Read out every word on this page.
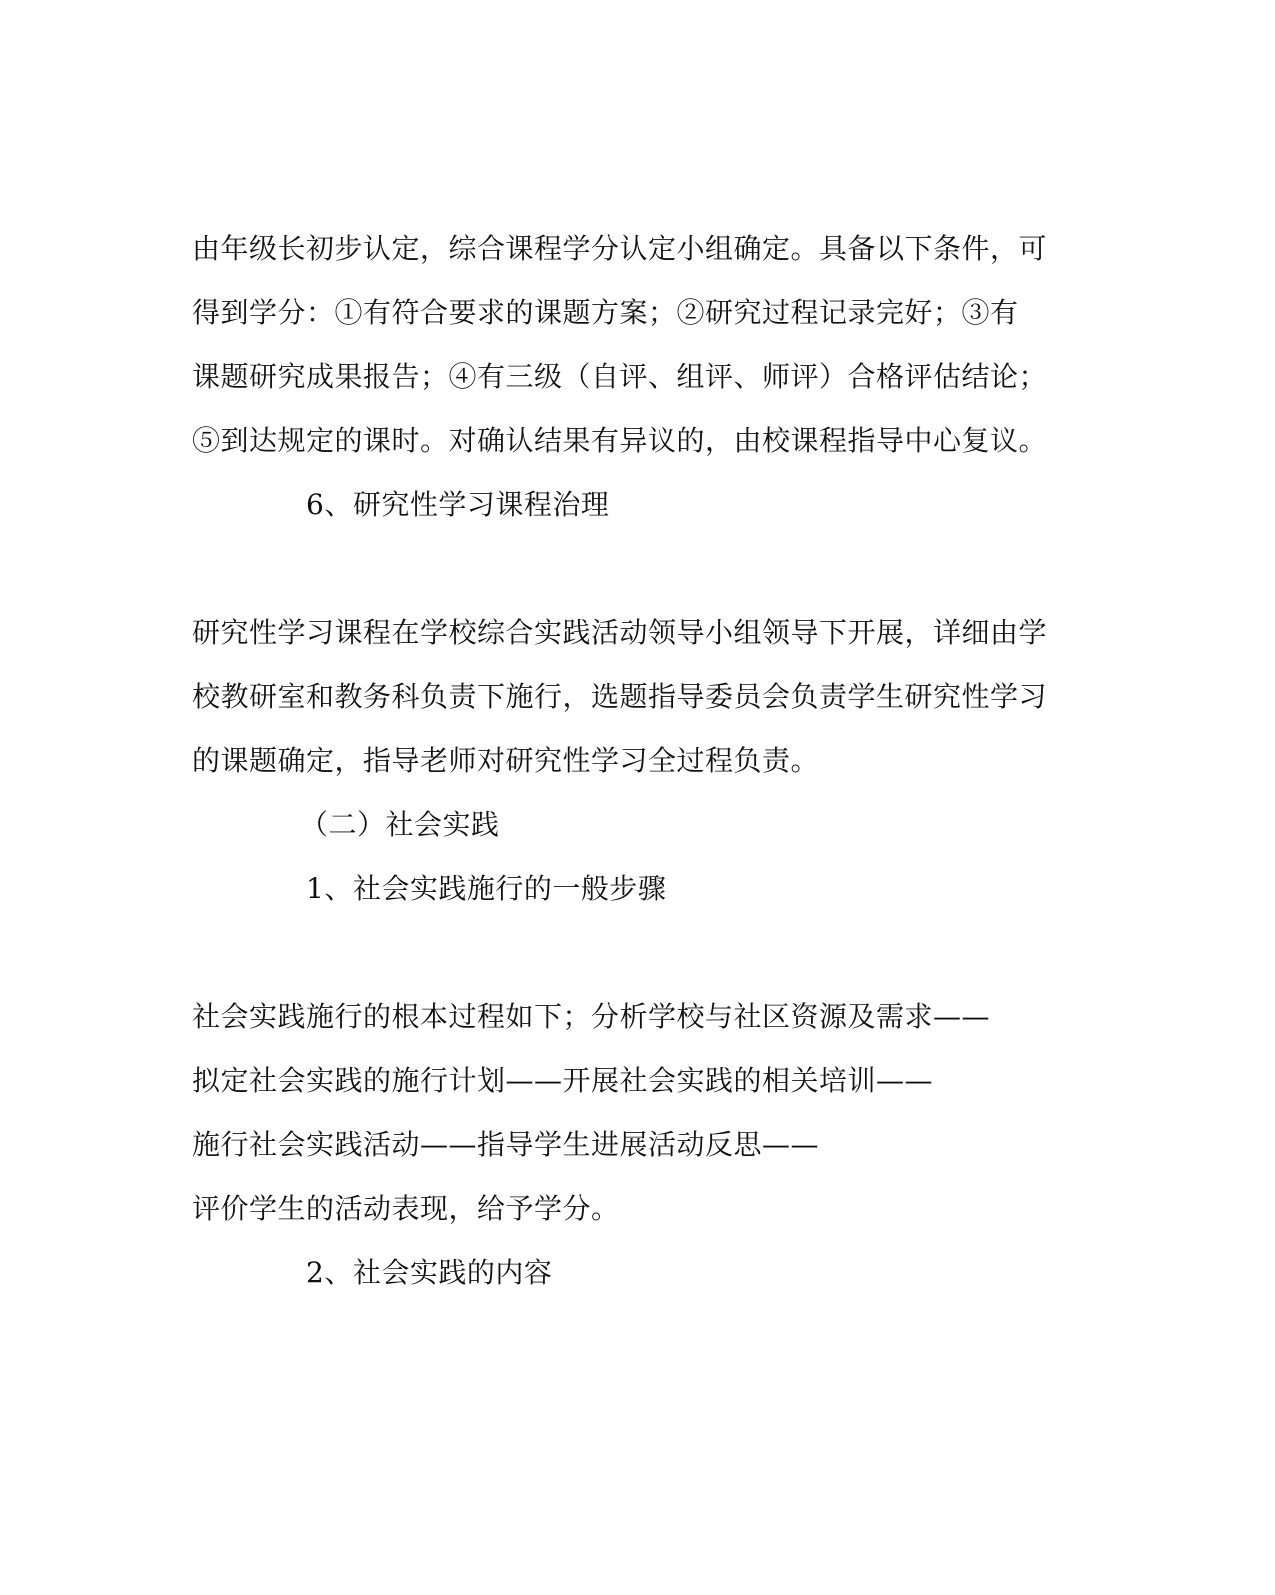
由年级长初步认定，综合课程学分认定小组确定。具备以下条件，可
得到学分：①有符合要求的课题方案；②研究过程记录完好；③有
课题研究成果报告；④有三级（自评、组评、师评）合格评估结论；
⑤到达规定的课时。对确认结果有异议的，由校课程指导中心复议。
6、研究性学习课程治理
研究性学习课程在学校综合实践活动领导小组领导下开展，详细由学
校教研室和教务科负责下施行，选题指导委员会负责学生研究性学习
的课题确定，指导老师对研究性学习全过程负责。
（二）社会实践
1、社会实践施行的一般步骤
社会实践施行的根本过程如下；分析学校与社区资源及需求——
拟定社会实践的施行计划——开展社会实践的相关培训——
施行社会实践活动——指导学生进展活动反思——
评价学生的活动表现，给予学分。
2、社会实践的内容
